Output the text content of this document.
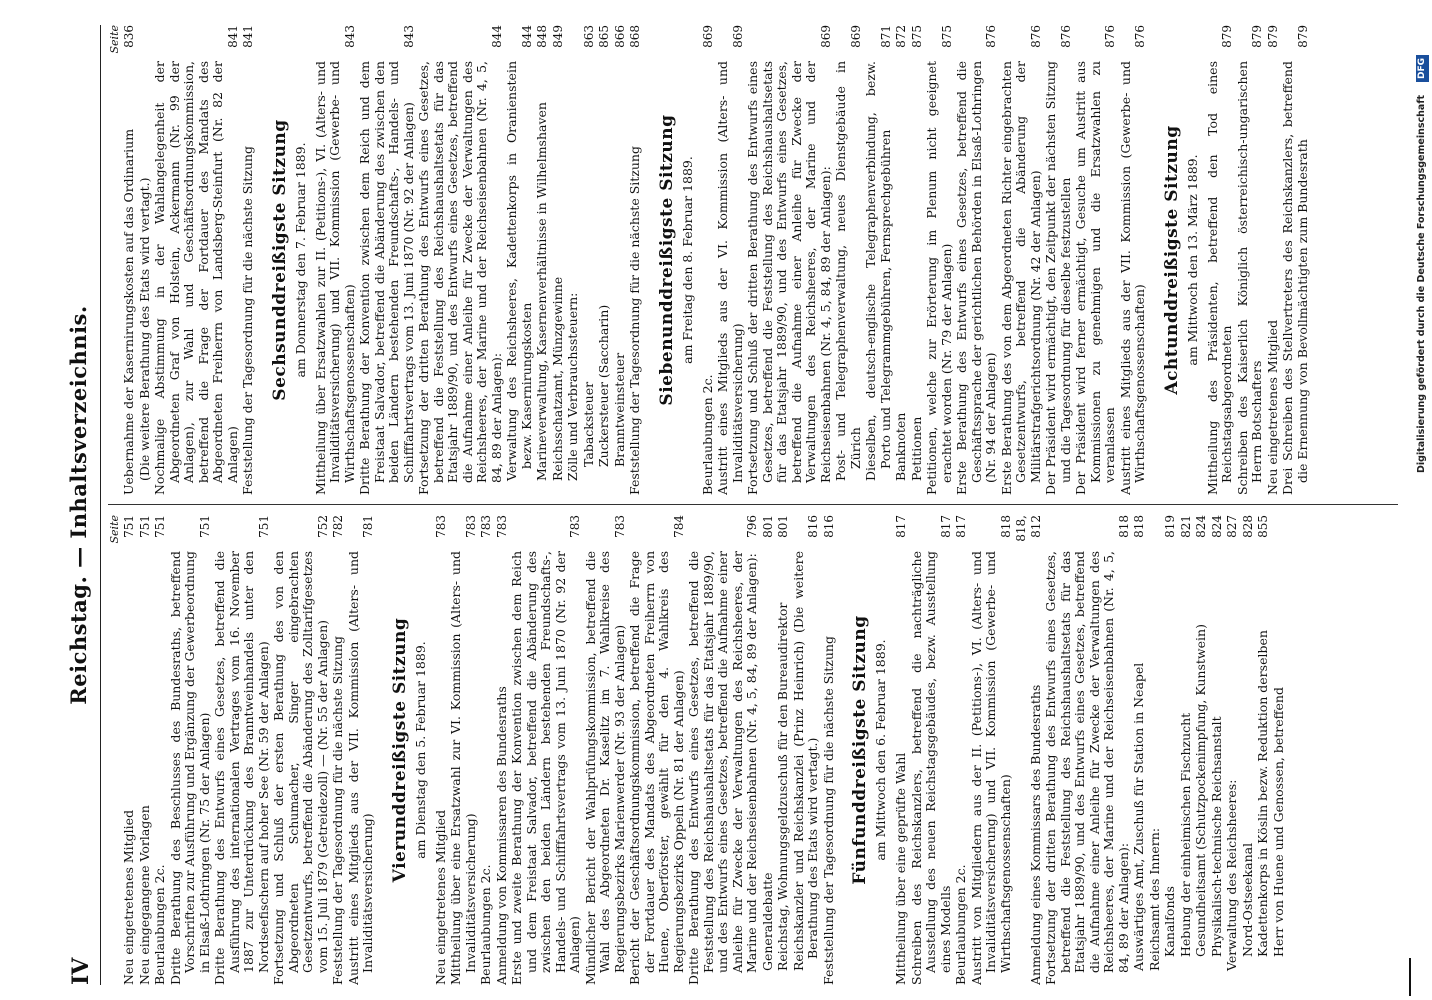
IV
Reichstag. — Inhaltsverzeichnis. Seite
Neu eingetretenes Mitglied
751
Neu eingegangene Vorlagen
751
Beurlaubungen 2c.
751
Dritte Berathung des Beschlusses des Bundesraths, betreffend Vorschriften zur Ausführung und Ergänzung der Gewerbeordnung in Elsaß-Lothringen (Nr. 75 der Anlagen)
751
Dritte Berathung des Entwurfs eines Gesetzes, betreffend die Ausführung des internationalen Vertrages vom 16. November 1887 zur Unterdrückung des Branntweinhandels unter den Nordseefischern auf hoher See (Nr. 59 der Anlagen)
751
Fortsetzung und Schluß der ersten Berathung des von den Abgeordneten Schumacher, Singer eingebrachten Gesetzentwurfs, betreffend die Abänderung des Zolltarifgesetzes vom 15. Juli 1879 (Getreidezoll) — (Nr. 55 der Anlagen)
752
Feststellung der Tagesordnung für die nächste Sitzung
782
Austritt eines Mitglieds aus der VII. Kommission (Alters- und Invaliditätsversicherung)
781
Vierunddreißigste Sitzung am Dienstag den 5. Februar 1889.
Neu eingetretenes Mitglied
783
Mittheilung über eine Ersatzwahl zur VI. Kommission (Alters- und Invaliditätsversicherung)
783
Beurlaubungen 2c.
783
Anmeldung von Kommissaren des Bundesraths
783
Erste und zweite Berathung der Konvention zwischen dem Reich und dem Freistaat Salvador, betreffend die Abänderung des zwischen den beiden Ländern bestehenden Freundschafts-, Handels- und Schifffahrtsvertrags vom 13. Juni 1870 (Nr. 92 der Anlagen)
783
Mündlicher Bericht der Wahlprüfungskommission, betreffend die Wahl des Abgeordneten Dr. Kaselitz im 7. Wahlkreise des Regierungsbezirks Marienwerder (Nr. 93 der Anlagen)
783
Bericht der Geschäftsordnungskommission, betreffend die Frage der Fortdauer des Mandats des Abgeordneten Freiherrn von Huene, Oberförster, gewählt für den 4. Wahlkreis des Regierungsbezirks Oppeln (Nr. 81 der Anlagen)
784
Dritte Berathung des Entwurfs eines Gesetzes, betreffend die Feststellung des Reichshaushaltsetats für das Etatsjahr 1889/90, und des Entwurfs eines Gesetzes, betreffend die Aufnahme einer Anleihe für Zwecke der Verwaltungen des Reichsheeres, der Marine und der Reichseisenbahnen (Nr. 4, 5, 84, 89 der Anlagen):
796
Generaldebatte
801
Reichstag, Wohnungsgeldzuschuß für den Bureaudirektor
801
Reichskanzler und Reichskanzlei (Prinz Heinrich) (Die weitere Berathung des Etats wird vertagt.)
816
Feststellung der Tagesordnung für die nächste Sitzung
816
Fünfunddreißigste Sitzung am Mittwoch den 6. Februar 1889.
Mittheilung über eine geprüfte Wahl
817
Schreiben des Reichskanzlers, betreffend die nachträgliche Ausstellung des neuen Reichstagsgebäudes, bezw. Ausstellung eines Modells
817
Beurlaubungen 2c.
817
Austritt von Mitgliedern aus der II. (Petitions-), VI. (Alters- und Invaliditätsversicherung) und VII. Kommission (Gewerbe- und Wirthschaftsgenossenschaften)
818
Anmeldung eines Kommissars des Bundesraths
818, 812
Fortsetzung der dritten Berathung des Entwurfs eines Gesetzes, betreffend die Feststellung des Reichshaushaltsetats für das Etatsjahr 1889/90, und des Entwurfs eines Gesetzes, betreffend die Aufnahme einer Anleihe für Zwecke der Verwaltungen des Reichsheeres, der Marine und der Reichseisenbahnen (Nr. 4, 5, 84, 89 der Anlagen):
818
Auswärtiges Amt, Zuschuß für Station in Neapel
818
Reichsamt des Innern: Kanalfonds
819
Hebung der einheimischen Fischzucht
821
Gesundheitsamt (Schutzpockenimpfung, Kunstwein)
824
Physikalisch-technische Reichsanstalt
824
Verwaltung des Reichsheeres:
827
Nord-Ostseekanal
828
Kadettenkorps in Köslin bezw. Reduktion derselben
855
Herr von Huene und Genossen, betreffend
Seite
Uebernahme der Kasernirungskosten auf das Ordinarium
836
(Die weitere Berathung des Etats wird vertagt.) Nochmalige Abstimmung in der Wahlangelegenheit der Abgeordneten Graf von Holstein, Ackermann (Nr. 99 der Anlagen), zur Wahl und Geschäftsordnungskommission, betreffend die Frage der Fortdauer des Mandats des Abgeordneten Freiherrn von Landsberg-Steinfurt (Nr. 82 der Anlagen)
841
Feststellung der Tagesordnung für die nächste Sitzung
841
Sechsunddreißigste Sitzung am Donnerstag den 7. Februar 1889. Mittheilung über Ersatzwahlen zur II. (Petitions-), VI. (Alters- und Invaliditätsversicherung) und VII. Kommission (Gewerbe- und Wirthschaftsgenossenschaften)
843
Dritte Berathung der Konvention zwischen dem Reich und dem Freistaat Salvador, betreffend die Abänderung des zwischen den beiden Ländern bestehenden Freundschafts-, Handels- und Schifffahrtsvertrags vom 13. Juni 1870 (Nr. 92 der Anlagen)
843
Fortsetzung der dritten Berathung des Entwurfs eines Gesetzes, betreffend die Feststellung des Reichshaushaltsetats für das Etatsjahr 1889/90, und des Entwurfs eines Gesetzes, betreffend die Aufnahme einer Anleihe für Zwecke der Verwaltungen des Reichsheeres, der Marine und der Reichseisenbahnen (Nr. 4, 5, 84, 89 der Anlagen):
844
Verwaltung des Reichsheeres, Kadettenkorps in Oranienstein bezw. Kasernirungskosten
844
Marineverwaltung, Kasernenverhältnisse in Wilhelmshaven
848
Reichsschatzamt, Münzgewinne
849
Zölle und Verbrauchssteuern: Tabacksteuer
863
Zuckersteuer (Saccharin)
865
Branntweinsteuer
866
Feststellung der Tagesordnung für die nächste Sitzung
868
Siebenunddreißigste Sitzung am Freitag den 8. Februar 1889.
Beurlaubungen 2c.
869
Austritt eines Mitglieds aus der VI. Kommission (Alters- und Invaliditätsversicherung)
869
Fortsetzung und Schluß der dritten Berathung des Entwurfs eines Gesetzes, betreffend die Feststellung des Reichshaushaltsetats für das Etatsjahr 1889/90, und des Entwurfs eines Gesetzes, betreffend die Aufnahme einer Anleihe für Zwecke der Verwaltungen des Reichsheeres, der Marine und der Reichseisenbahnen (Nr. 4, 5, 84, 89 der Anlagen):
869
Post- und Telegraphenverwaltung, neues Dienstgebäude in Zürich
869
Dieselben, deutsch-englische Telegraphenverbindung, bezw. Porto und Telegrammgebühren, Fernsprechgebühren
871
Banknoten
872
Petitionen
875
Petitionen, welche zur Erörterung im Plenum nicht geeignet erachtet worden (Nr. 79 der Anlagen)
875
Erste Berathung des Entwurfs eines Gesetzes, betreffend die Geschäftssprache der gerichtlichen Behörden in Elsaß-Lothringen (Nr. 94 der Anlagen)
876
Erste Berathung des von dem Abgeordneten Richter eingebrachten Gesetzentwurfs, betreffend die Abänderung der Militärstrafgerichtsordnung (Nr. 42 der Anlagen)
876
Der Präsident wird ermächtigt, den Zeitpunkt der nächsten Sitzung und die Tagesordnung für dieselbe festzustellen
876
Der Präsident wird ferner ermächtigt, Gesuche um Austritt aus Kommissionen zu genehmigen und die Ersatzwahlen zu veranlassen
876
Austritt eines Mitglieds aus der VII. Kommission (Gewerbe- und Wirthschaftsgenossenschaften)
876
Achtunddreißigste Sitzung am Mittwoch den 13. März 1889. Mittheilung des Präsidenten, betreffend den Tod eines Reichstagsabgeordneten
879
Schreiben des Kaiserlich Königlich österreichisch-ungarischen Herrn Botschafters
879
Neu eingetretenes Mitglied
879
Drei Schreiben des Stellvertreters des Reichskanzlers, betreffend die Ernennung von Bevollmächtigten zum Bundesrath
879
Digitalisierung gefördert durch die Deutsche Forschungsgemeinschaft
DFG
